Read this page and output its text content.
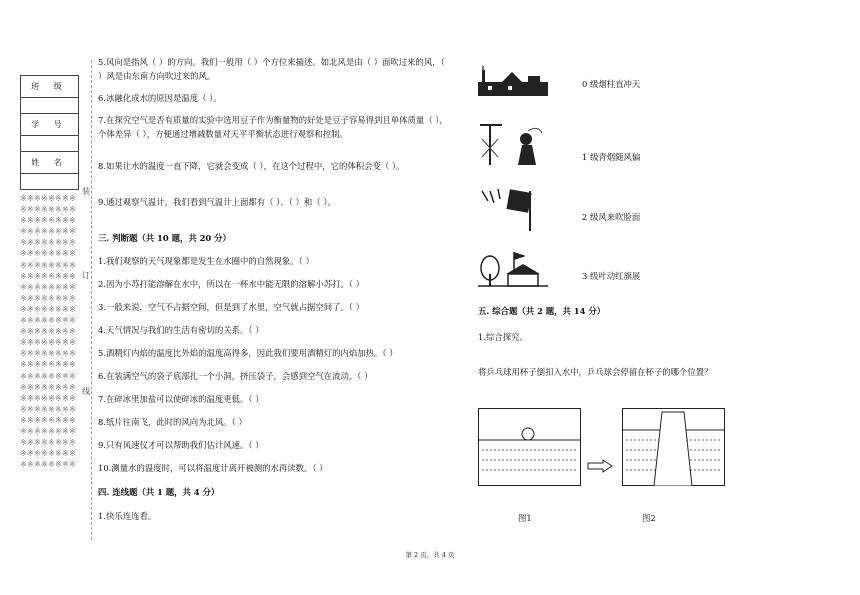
班 级
学 号
姓 名
※※※※※※※※※※※※※※※※※※※※※※※※※※※※※※※※※※※※※※※※※※※※※※※※※※※※※※※※※※※※※※※※※※※※※※※※※※※※※※※※※※※※※※※※※※※※※※※※※※※※※※※※※※※※※※※※※※※※※※※※※※※※※※※※※※※※※※※※※※※※※※※※※※※※※※※※※※※※※※※※※※※※※※※※※※※※※※※※※※※※※※※※※※※※※※※※※※※※※※※※
装
订
线
5.风向是指风（ ）的方向。我们一般用（ ）个方位来描述。如北风是由（ ）面吹过来的风，（ ）风是由东南方向吹过来的风。
6.冰融化成水的原因是温度（ ）。
7.在探究空气是否有质量的实验中选用豆子作为衡量物的好处是豆子容易得到且单体质量（ ），个体差异（ ），方便通过增减数量对天平平衡状态进行观察和控制。
8.如果让水的温度一直下降，它就会变成（ ），在这个过程中，它的体积会变（ ）。
9.通过观察气温计，我们看到气温计上面都有（ ）、（ ）和（ ）。
三. 判断题（共 10 题，共 20 分）
1.我们观察的天气现象都是发生在水圈中的自然现象。（ ）
2.因为小苏打能溶解在水中，所以在一杯水中能无限的溶解小苏打。（ ）
3.一般来说，空气不占据空间，但是到了水里，空气就占据空间了。（ ）
4.天气情况与我们的生活有密切的关系。（ ）
5.酒精灯内焰的温度比外焰的温度高得多，因此我们要用酒精灯的内焰加热。（ ）
6.在装满空气的袋子底部扎一个小洞，挤压袋子，会感到空气在流动。（ ）
7.在碎冰里加盐可以使碎冰的温度更低。（ ）
8.纸片往南飞，此时的风向为北风。（ ）
9.只有风速仪才可以帮助我们估计风速。（ ）
10.测量水的温度时，可以将温度计离开被测的水再读数。（ ）
四. 连线题（共 1 题，共 4 分）
1.快乐连连看。
0 级烟柱直冲天
1 级青烟随风偏
2 级风来吹脸面
3 级叶动红旗展
五. 综合题（共 2 题，共 14 分）
1.综合探究。
将乒乓球用杯子倒扣入水中，乒乓球会停留在杯子的哪个位置？
图1	图2
第 2 页，共 4 页
